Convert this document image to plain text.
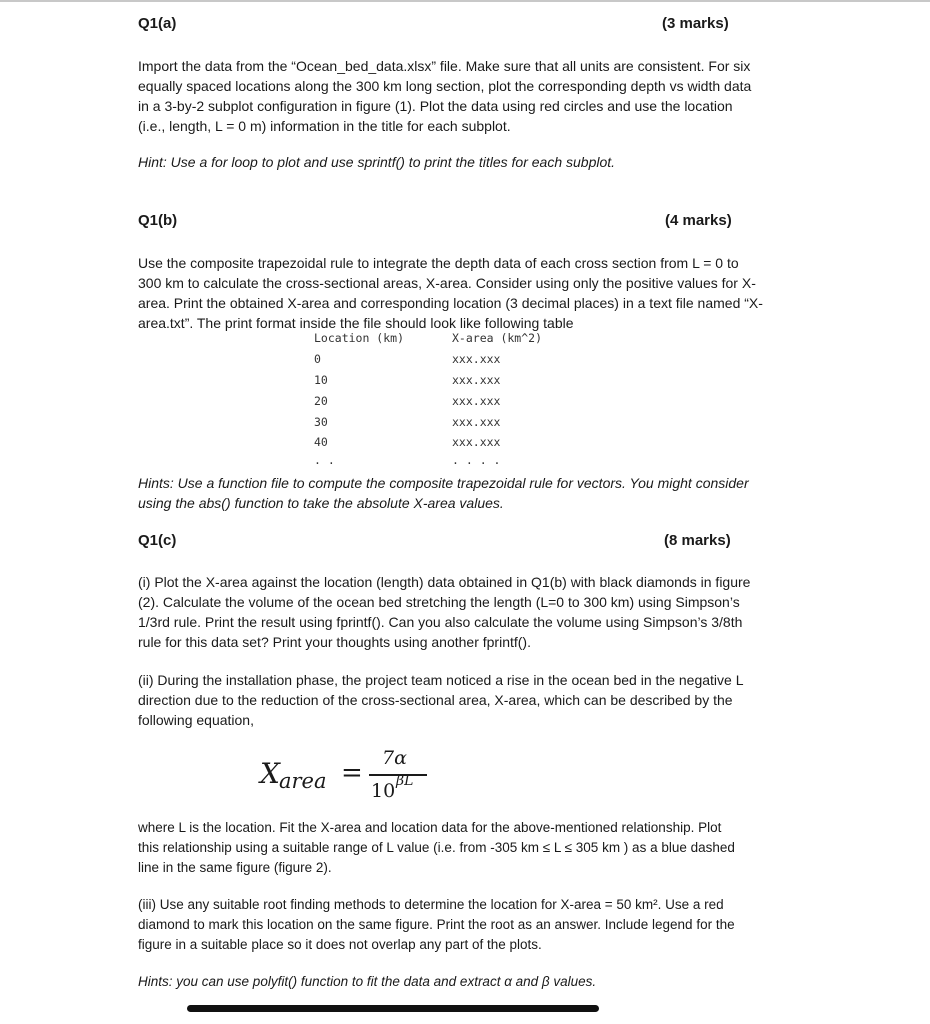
Q1(a)	(3 marks)
Import the data from the “Ocean_bed_data.xlsx” file. Make sure that all units are consistent. For six
equally spaced locations along the 300 km long section, plot the corresponding depth vs width data
in a 3-by-2 subplot configuration in figure (1). Plot the data using red circles and use the location
(i.e., length, L = 0 m) information in the title for each subplot.
Hint: Use a for loop to plot and use sprintf() to print the titles for each subplot.
Q1(b)	(4 marks)
Use the composite trapezoidal rule to integrate the depth data of each cross section from L = 0 to
300 km to calculate the cross-sectional areas, X-area. Consider using only the positive values for X-
area. Print the obtained X-area and corresponding location (3 decimal places) in a text file named “X-
area.txt”. The print format inside the file should look like following table
Location (km)	X-area (km^2)
0	xxx.xxx
10	xxx.xxx
20	xxx.xxx
30	xxx.xxx
40	xxx.xxx
. .	. . . .
Hints: Use a function file to compute the composite trapezoidal rule for vectors. You might consider
using the abs() function to take the absolute X-area values.
Q1(c)	(8 marks)
(i) Plot the X-area against the location (length) data obtained in Q1(b) with black diamonds in figure
(2). Calculate the volume of the ocean bed stretching the length (L=0 to 300 km) using Simpson’s
1/3rd rule. Print the result using fprintf(). Can you also calculate the volume using Simpson’s 3/8th
rule for this data set? Print your thoughts using another fprintf().
(ii) During the installation phase, the project team noticed a rise in the ocean bed in the negative L
direction due to the reduction of the cross-sectional area, X-area, which can be described by the
following equation,
X area = 7α
10 βL
where L is the location. Fit the X-area and location data for the above-mentioned relationship. Plot
this relationship using a suitable range of L value (i.e. from -305 km ≤ L ≤ 305 km ) as a blue dashed
line in the same figure (figure 2).
(iii) Use any suitable root finding methods to determine the location for X-area = 50 km². Use a red
diamond to mark this location on the same figure. Print the root as an answer. Include legend for the
figure in a suitable place so it does not overlap any part of the plots.
Hints: you can use polyfit() function to fit the data and extract α and β values.
